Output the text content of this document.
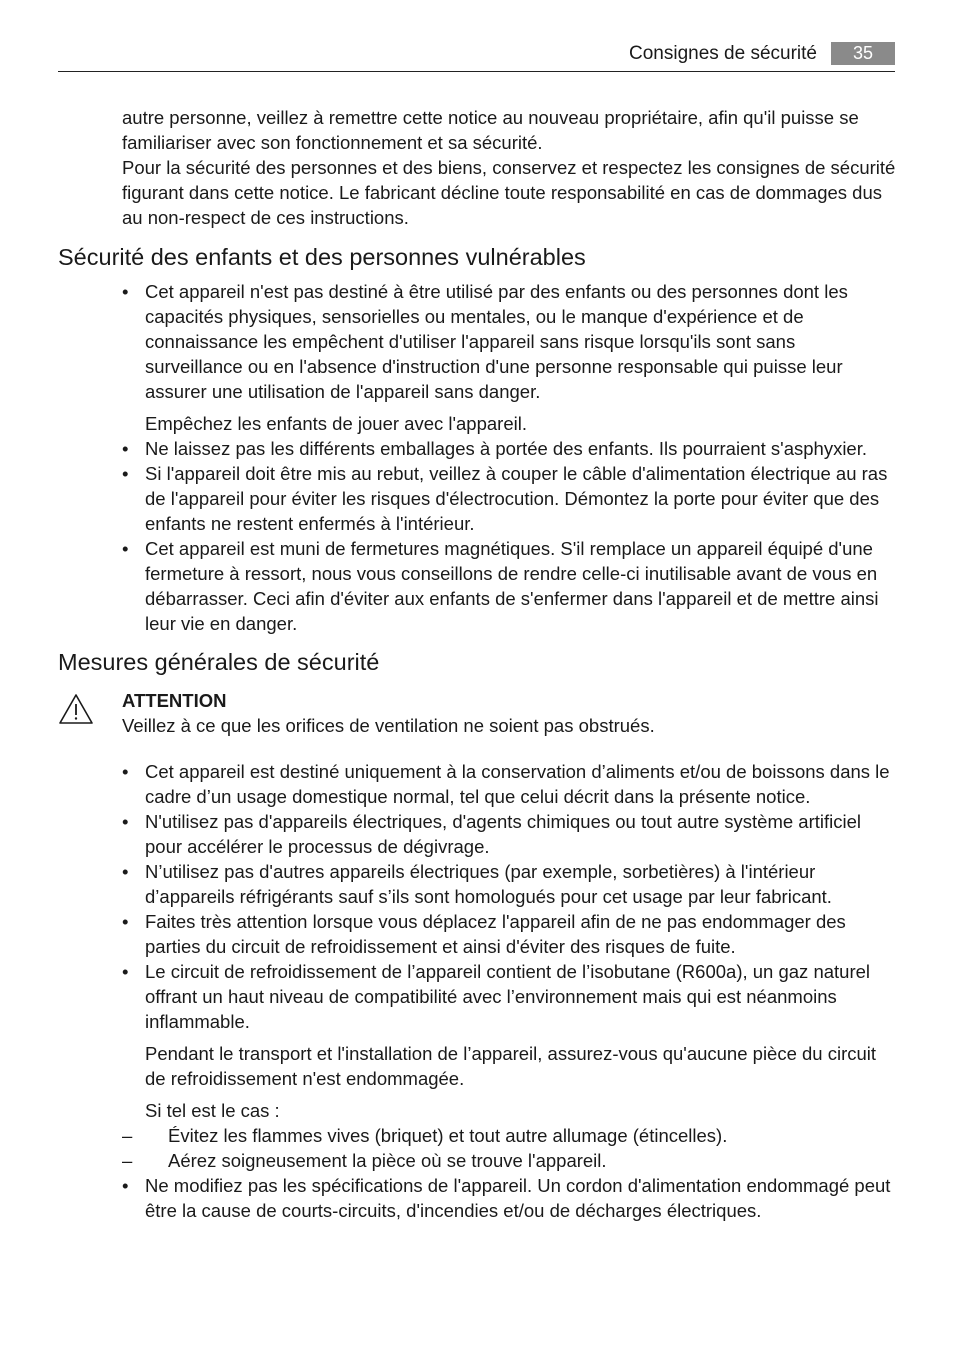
Consignes de sécurité	35

autre personne, veillez à remettre cette notice au nouveau propriétaire, afin qu'il puisse se familiariser avec son fonctionnement et sa sécurité.

Pour la sécurité des personnes et des biens, conservez et respectez les consignes de sécurité figurant dans cette notice. Le fabricant décline toute responsabilité en cas de dommages dus au non-respect de ces instructions.

Sécurité des enfants et des personnes vulnérables
• Cet appareil n'est pas destiné à être utilisé par des enfants ou des personnes dont les capacités physiques, sensorielles ou mentales, ou le manque d'expérience et de connaissance les empêchent d'utiliser l'appareil sans risque lorsqu'ils sont sans surveillance ou en l'absence d'instruction d'une personne responsable qui puisse leur assurer une utilisation de l'appareil sans danger.
Empêchez les enfants de jouer avec l'appareil.
• Ne laissez pas les différents emballages à portée des enfants. Ils pourraient s'asphyxier.
• Si l'appareil doit être mis au rebut, veillez à couper le câble d'alimentation électrique au ras de l'appareil pour éviter les risques d'électrocution. Démontez la porte pour éviter que des enfants ne restent enfermés à l'intérieur.
• Cet appareil est muni de fermetures magnétiques. S'il remplace un appareil équipé d'une fermeture à ressort, nous vous conseillons de rendre celle-ci inutilisable avant de vous en débarrasser. Ceci afin d'éviter aux enfants de s'enfermer dans l'appareil et de mettre ainsi leur vie en danger.
Mesures générales de sécurité
ATTENTION
Veillez à ce que les orifices de ventilation ne soient pas obstrués.
• Cet appareil est destiné uniquement à la conservation d’aliments et/ou de boissons dans le cadre d’un usage domestique normal, tel que celui décrit dans la présente notice.
• N'utilisez pas d'appareils électriques, d'agents chimiques ou tout autre système artificiel pour accélérer le processus de dégivrage.
• N’utilisez pas d'autres appareils électriques (par exemple, sorbetières) à l'intérieur d’appareils réfrigérants sauf s’ils sont homologués pour cet usage par leur fabricant.
• Faites très attention lorsque vous déplacez l'appareil afin de ne pas endommager des parties du circuit de refroidissement et ainsi d'éviter des risques de fuite.
• Le circuit de refroidissement de l’appareil contient de l’isobutane (R600a), un gaz naturel offrant un haut niveau de compatibilité avec l’environnement mais qui est néanmoins inflammable.
Pendant le transport et l'installation de l’appareil, assurez-vous qu'aucune pièce du circuit de refroidissement n'est endommagée.
Si tel est le cas :
– Évitez les flammes vives (briquet) et tout autre allumage (étincelles).
– Aérez soigneusement la pièce où se trouve l'appareil.
• Ne modifiez pas les spécifications de l'appareil. Un cordon d'alimentation endommagé peut être la cause de courts-circuits, d'incendies et/ou de décharges électriques.
